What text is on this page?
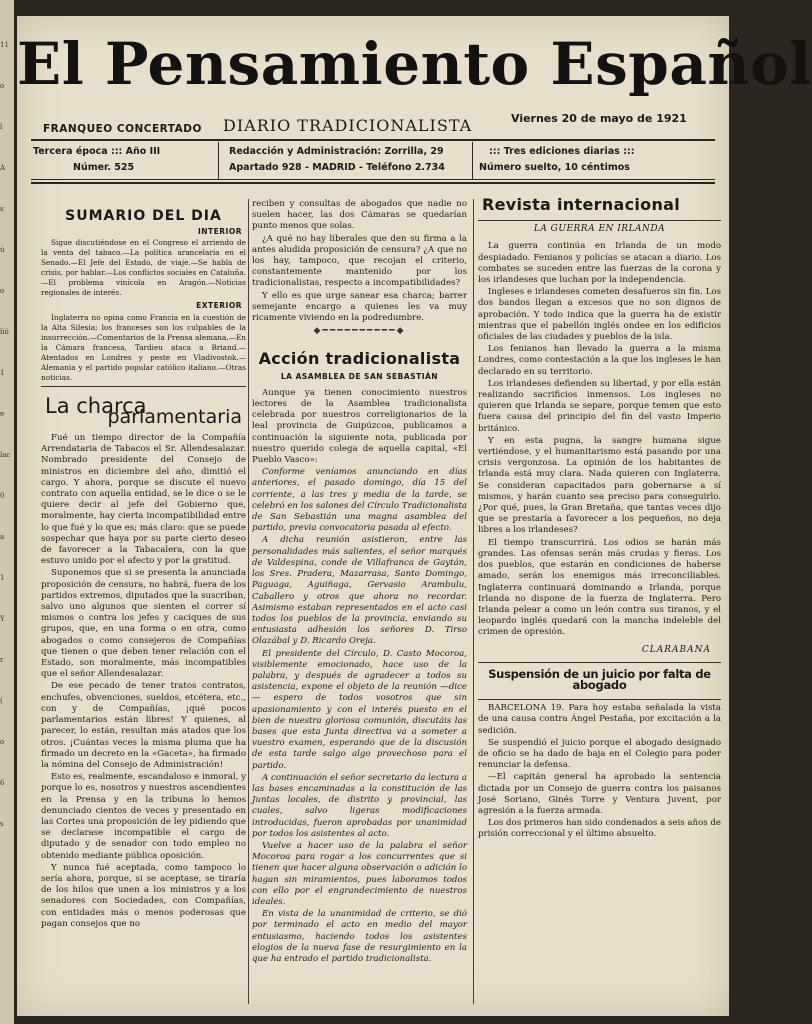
11
o
l
A
s
ú
o
lió
1
e
lac
0
a
1
Y
r
(
o
6
s
El Pensamiento Español
FRANQUEO CONCERTADO DIARIO TRADICIONALISTA	Viernes 20 de mayo de 1921
Tercera época ::: Año III
Númer. 525
Redacción y Administración: Zorrilla, 29
Apartado 928 - MADRID - Teléfono 2.734
::: Tres ediciones diarias :::
Número suelto, 10 céntimos
SUMARIO DEL DIA
INTERIOR

Sigue discutiéndose en el Congreso el arriendo de la venta del tabaco.—La política arancelaria en el Senado.—El Jefe del Estado, de viaje.—Se habla de crisis, por hablar.—Los conflictos sociales en Cataluña.—El problema vinícola en Aragón.—Noticias regionales de interés.

EXTERIOR

Inglaterra no opina como Francia en la cuestión de la Alta Silesia; los franceses son los culpables de la insurrección.—Comentarios de la Prensa alemana.—En la Cámara francesa, Tardieu ataca a Briand.—Atentados en Londres y peste en Vladivostok.—Alemania y el partido popular católico italiano.—Otras noticias.

La charca
parlamentaria

Fué un tiempo director de la Compañía Arrendataria de Tabacos el Sr. Allendesalazar. Nombrado presidente del Consejo de ministros en diciembre del año, dimitió el cargo. Y ahora, porque se discute el nuevo contrato con aquella entidad, se le dice o se le quiere decir al jefe del Gobierno que, moralmente, hay cierta incompatibilidad entre lo que fué y lo que es; más claro: que se puede sospechar que haya por su parte cierto deseo de favorecer a la Tabacalera, con la que estuvo unido por el afecto y por la gratitud.

Suponemos que si se presenta la anunciada proposición de censura, no habrá, fuera de los partidos extremos, diputados que la suscriban, salvo uno algunos que sienten el correr sí mismos o contra los jefes y caciques de sus grupos, que, en una forma o en otra, como abogados o como consejeros de Compañías que tienen o que deben tener relación con el Estado, son moralmente, más incompatibles que el señor Allendesalazar.

De ese pecado de tener tratos contratos, enchufes, obvenciones, sueldos, etcétera, etc., con y de Compañías, ¡qué pocos parlamentarios están libres! Y quienes, al parecer, lo están, resultan más atados que los otros. ¡Cuántas veces la misma pluma que ha firmado un decreto en la «Gaceta», ha firmado la nómina del Consejo de Administración!

Esto es, realmente, escandaloso e inmoral, y porque lo es, nosotros y nuestros ascendientes en la Prensa y en la tribuna lo hemos denunciado cientos de veces y presentado en las Cortes una proposición de ley pidiendo que se declarase incompatible el cargo de diputado y de senador con todo empleo no obtenido mediante pública oposición.

Y nunca fué aceptada, como tampoco lo sería ahora, porque, si se aceptase, se tiraría de los hilos que unen a los ministros y a los senadores con Sociedades, con Compañías, con entidades más o menos poderosas que pagan consejos que no

reciben y consultas de abogados que nadie no suelen hacer, las dos Cámaras se quedarían punto menos que solas.

¿A qué no hay liberales que den su firma a la antes aludida proposición de censura? ¿A que no los hay, tampoco, que recojan el criterio, constantemente mantenido por los tradicionalistas, respecto a incompatibilidades?

Y ello es que urge sanear esa charca; barrer semejante encargo a quienes les va muy ricamente viviendo en la podredumbre.

◆━━━━━━━━━━◆
Acción tradicionalista
LA ASAMBLEA DE SAN SEBASTIÁN

Aunque ya tienen conocimiento nuestros lectores de la Asamblea tradicionalista celebrada por nuestros correligionarios de la leal provincia de Guipúzcoa, publicamos a continuación la siguiente nota, publicada por nuestro querido colega de aquella capital, «El Pueblo Vasco»:

Conforme veníamos anunciando en días anteriores, el pasado domingo, día 15 del corriente, a las tres y media de la tarde, se celebró en los salones del Círculo Tradicionalista de San Sebastián una magna asamblea del partido, previa convocatoria pasada al efecto.

A dicha reunión asistieron, entre las personalidades más salientes, el señor marqués de Valdespina, conde de Villafranca de Gaytán, los Sres. Pradera, Mazarrasa, Santo Domingo, Paguaga, Aguiñaga, Gervasio Arambulu, Caballero y otros que ahora no recordar. Asimismo estaban representados en el acto casi todos los pueblos de la provincia, enviando su entusiasta adhesión los señores D. Tirso Olazábal y D. Ricardo Oreja.

El presidente del Círculo, D. Casto Mocoroa, visiblemente emocionado, hace uso de la palabra, y después de agradecer a todos su asistencia, expone el objeto de la reunión —dice— espero de todos vosotros que sin apasionamiento y con el interés puesto en el bien de nuestra gloriosa comunión, discutáis las bases que esta Junta directiva va a someter a vuestro examen, esperando que de la discusión de esta tarde salgo algo provechoso para el partido.

A continuación el señor secretario da lectura a las bases encaminadas a la constitución de las Juntas locales, de distrito y provincial, las cuales, salvo ligeras modificaciones introducidas, fueron aprobadas por unanimidad por todos los asistentes al acto.

Vuelve a hacer uso de la palabra el señor Mocoroa para rogar a los concurrentes que si tienen que hacer alguna observación o adición lo hagan sin miramientos, pues laboramos todos con ello por el engrandecimiento de nuestros ideales.

En vista de la unanimidad de criterio, se dió por terminado el acto en medio del mayor entusiasmo, haciendo todos los asistentes elogios de la nueva fase de resurgimiento en la que ha entrado el partido tradicionalista.

Revista internacional
LA GUERRA EN IRLANDA

La guerra continúa en Irlanda de un modo despiadado. Fenianos y policías se atacan a diario. Los combates se suceden entre las fuerzas de la corona y los irlandeses que luchan por la independencia.

Ingleses e irlandeses cometen desafueros sin fin. Los dos bandos llegan a excesos que no son dignos de aprobación. Y todo indica que la guerra ha de existir mientras que el pabellón inglés ondee en los edificios oficiales de las ciudades y pueblos de la isla.

Los fenianos han llevado la guerra a la misma Londres, como contestación a la que los ingleses le han declarado en su territorio.

Los irlandeses defienden su libertad, y por ella están realizando sacrificios inmensos. Los ingleses no quieren que Irlanda se separe, porque temen que esto fuera causa del principio del fin del vasto Imperio británico.

Y en esta pugna, la sangre humana sigue vertiéndose, y el humanitarismo está pasando por una crisis vergonzosa. La opinión de los habitantes de Irlanda está muy clara. Nada quieren con Inglaterra. Se consideran capacitados para gobernarse a sí mismos, y harán cuanto sea preciso para conseguirlo. ¿Por qué, pues, la Gran Bretaña, que tantas veces dijo que se prestaría a favorecer a los pequeños, no deja libres a los irlandeses?

El tiempo transcurrirá. Los odios se harán más grandes. Las ofensas serán más crudas y fieras. Los dos pueblos, que estarán en condiciones de haberse amado, serán los enemigos más irreconciliables. Inglaterra continuará dominando a Irlanda, porque Irlanda no dispone de la fuerza de Inglaterra. Pero Irlanda pelear a como un león contra sus tiranos, y el leopardo inglés quedará con la mancha indeleble del crimen de opresión.

CLARABANA
Suspensión de un juicio por falta de abogado

BARCELONA 19. Para hoy estaba señalada la vista de una causa contra Ángel Pestaña, por excitación a la sedición.

Se suspendió el juicio porque el abogado designado de oficio se ha dado de baja en el Colegio para poder renunciar la defensa.

—El capitán general ha aprobado la sentencia dictada por un Consejo de guerra contra los paisanos José Soriano, Ginés Torre y Ventura Juvent, por agresión a la fuerza armada.

Los dos primeros han sido condenados a seis años de prisión correccional y el último absuelto.
